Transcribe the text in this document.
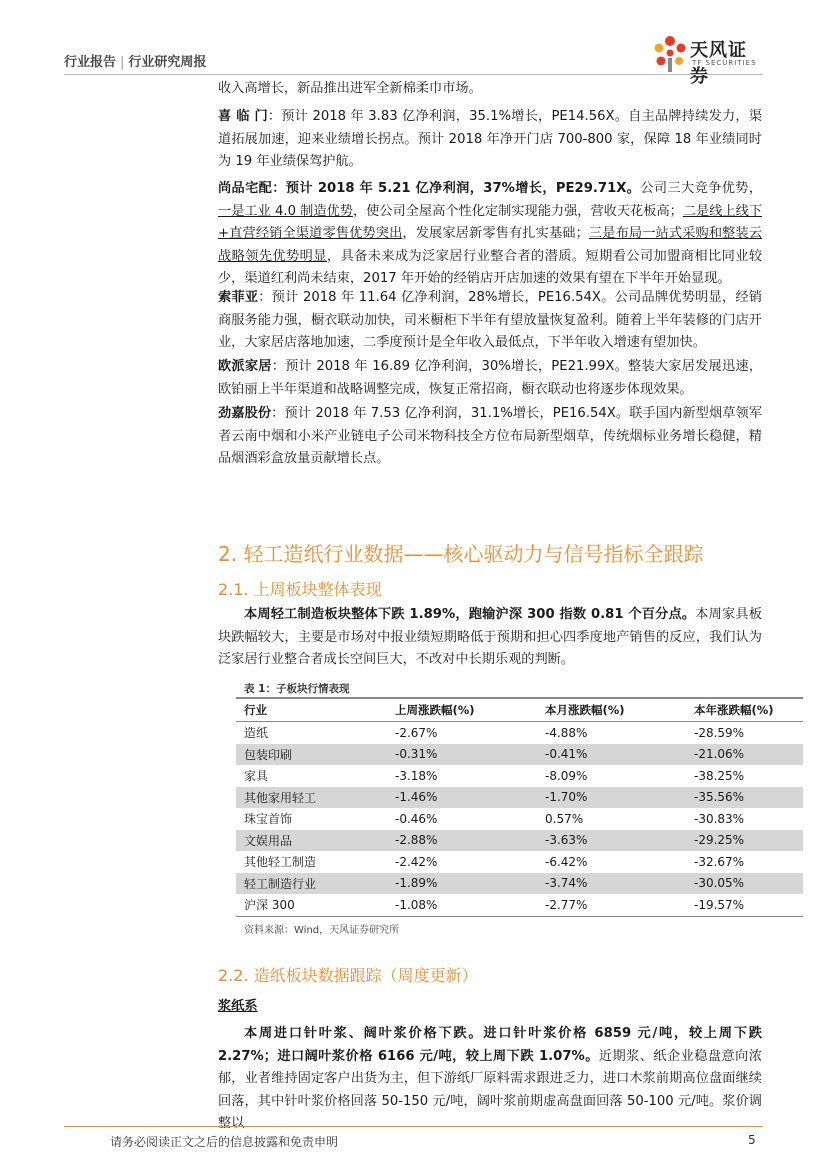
行业报告 | 行业研究周报
天风证券
TF SECURITIES

收入高增长，新品推出进军全新棉柔巾市场。

喜 临 门：预计 2018 年 3.83 亿净利润，35.1%增长，PE14.56X。自主品牌持续发力，渠道拓展加速，迎来业绩增长拐点。预计 2018 年净开门店 700-800 家，保障 18 年业绩同时为 19 年业绩保驾护航。

尚品宅配：预计 2018 年 5.21 亿净利润，37%增长，PE29.71X。公司三大竞争优势，一是工业 4.0 制造优势，使公司全屋高个性化定制实现能力强，营收天花板高；二是线上线下+直营经销全渠道零售优势突出，发展家居新零售有扎实基础；三是布局一站式采购和整装云战略领先优势明显，具备未来成为泛家居行业整合者的潜质。短期看公司加盟商相比同业较少，渠道红利尚未结束，2017 年开始的经销店开店加速的效果有望在下半年开始显现。

索菲亚：预计 2018 年 11.64 亿净利润，28%增长，PE16.54X。公司品牌优势明显，经销商服务能力强，橱衣联动加快，司米橱柜下半年有望放量恢复盈利。随着上半年装修的门店开业，大家居店落地加速，二季度预计是全年收入最低点，下半年收入增速有望加快。

欧派家居：预计 2018 年 16.89 亿净利润，30%增长，PE21.99X。整装大家居发展迅速，欧铂丽上半年渠道和战略调整完成，恢复正常招商，橱衣联动也将逐步体现效果。

劲嘉股份：预计 2018 年 7.53 亿净利润，31.1%增长，PE16.54X。联手国内新型烟草领军者云南中烟和小米产业链电子公司米物科技全方位布局新型烟草，传统烟标业务增长稳健，精品烟酒彩盒放量贡献增长点。

2. 轻工造纸行业数据——核心驱动力与信号指标全跟踪
2.1. 上周板块整体表现

本周轻工制造板块整体下跌 1.89%，跑输沪深 300 指数 0.81 个百分点。本周家具板块跌幅较大，主要是市场对中报业绩短期略低于预期和担心四季度地产销售的反应，我们认为泛家居行业整合者成长空间巨大，不改对中长期乐观的判断。

表 1：子板块行情表现
行业	上周涨跌幅(%)	本月涨跌幅(%)	本年涨跌幅(%)
造纸	-2.67%	-4.88%	-28.59%
包装印刷	-0.31%	-0.41%	-21.06%
家具	-3.18%	-8.09%	-38.25%
其他家用轻工	-1.46%	-1.70%	-35.56%
珠宝首饰	-0.46%	0.57%	-30.83%
文娱用品	-2.88%	-3.63%	-29.25%
其他轻工制造	-2.42%	-6.42%	-32.67%
轻工制造行业	-1.89%	-3.74%	-30.05%
沪深 300	-1.08%	-2.77%	-19.57%
资料来源：Wind，天风证券研究所
2.2. 造纸板块数据跟踪（周度更新）
浆纸系

本周进口针叶浆、阔叶浆价格下跌。进口针叶浆价格 6859 元/吨，较上周下跌 2.27%；进口阔叶浆价格 6166 元/吨，较上周下跌 1.07%。近期浆、纸企业稳盘意向浓郁，业者维持固定客户出货为主，但下游纸厂原料需求跟进乏力，进口木浆前期高位盘面继续回落，其中针叶浆价格回落 50-150 元/吨，阔叶浆前期虚高盘面回落 50-100 元/吨。浆价调整以

请务必阅读正文之后的信息披露和免责申明	5
